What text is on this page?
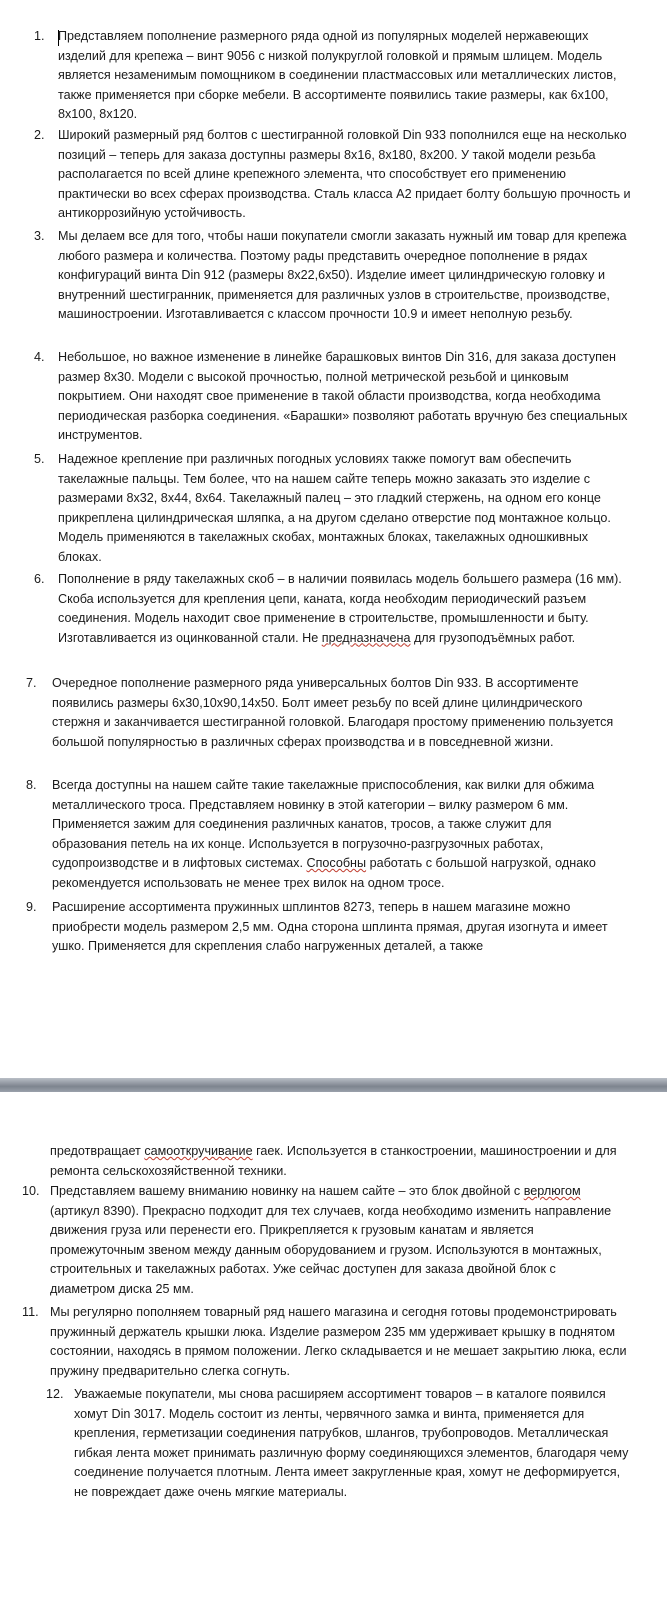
1. Представляем пополнение размерного ряда одной из популярных моделей нержавеющих изделий для крепежа – винт 9056 с низкой полукруглой головкой и прямым шлицем. Модель является незаменимым помощником в соединении пластмассовых или металлических листов, также применяется при сборке мебели. В ассортименте появились такие размеры, как 6x100, 8x100, 8x120.
2. Широкий размерный ряд болтов с шестигранной головкой Din 933 пополнился еще на несколько позиций – теперь для заказа доступны размеры 8x16, 8x180, 8x200. У такой модели резьба располагается по всей длине крепежного элемента, что способствует его применению практически во всех сферах производства. Сталь класса А2 придает болту большую прочность и антикоррозийную устойчивость.
3. Мы делаем все для того, чтобы наши покупатели смогли заказать нужный им товар для крепежа любого размера и количества. Поэтому рады представить очередное пополнение в рядах конфигураций винта Din 912 (размеры 8x22,6x50). Изделие имеет цилиндрическую головку и внутренний шестигранник, применяется для различных узлов в строительстве, производстве, машиностроении. Изготавливается с классом прочности 10.9 и имеет неполную резьбу.
4. Небольшое, но важное изменение в линейке барашковых винтов Din 316, для заказа доступен размер 8x30. Модели с высокой прочностью, полной метрической резьбой и цинковым покрытием. Они находят свое применение в такой области производства, когда необходима периодическая разборка соединения. «Барашки» позволяют работать вручную без специальных инструментов.
5. Надежное крепление при различных погодных условиях также помогут вам обеспечить такелажные пальцы. Тем более, что на нашем сайте теперь можно заказать это изделие с размерами 8x32, 8x44, 8x64. Такелажный палец – это гладкий стержень, на одном его конце прикреплена цилиндрическая шляпка, а на другом сделано отверстие под монтажное кольцо. Модель применяются в такелажных скобах, монтажных блоках, такелажных одношкивных блоках.
6. Пополнение в ряду такелажных скоб – в наличии появилась модель большего размера (16 мм). Скоба используется для крепления цепи, каната, когда необходим периодический разъем соединения. Модель находит свое применение в строительстве, промышленности и быту. Изготавливается из оцинкованной стали. Не предназначена для грузоподъёмных работ.
7. Очередное пополнение размерного ряда универсальных болтов Din 933. В ассортименте появились размеры 6x30,10x90,14x50. Болт имеет резьбу по всей длине цилиндрического стержня и заканчивается шестигранной головкой. Благодаря простому применению пользуется большой популярностью в различных сферах производства и в повседневной жизни.
8. Всегда доступны на нашем сайте такие такелажные приспособления, как вилки для обжима металлического троса. Представляем новинку в этой категории – вилку размером 6 мм. Применяется зажим для соединения различных канатов, тросов, а также служит для образования петель на их конце. Используется в погрузочно-разгрузочных работах, судопроизводстве и в лифтовых системах. Способны работать с большой нагрузкой, однако рекомендуется использовать не менее трех вилок на одном тросе.
9. Расширение ассортимента пружинных шплинтов 8273, теперь в нашем магазине можно приобрести модель размером 2,5 мм. Одна сторона шплинта прямая, другая изогнута и имеет ушко. Применяется для скрепления слабо нагруженных деталей, а также
предотвращает самооткручивание гаек. Используется в станкостроении, машиностроении и для ремонта сельскохозяйственной техники.
10. Представляем вашему вниманию новинку на нашем сайте – это блок двойной с верлюгом (артикул 8390). Прекрасно подходит для тех случаев, когда необходимо изменить направление движения груза или перенести его. Прикрепляется к грузовым канатам и является промежуточным звеном между данным оборудованием и грузом. Используются в монтажных, строительных и такелажных работах. Уже сейчас доступен для заказа двойной блок с диаметром диска 25 мм.
11. Мы регулярно пополняем товарный ряд нашего магазина и сегодня готовы продемонстрировать пружинный держатель крышки люка. Изделие размером 235 мм удерживает крышку в поднятом состоянии, находясь в прямом положении. Легко складывается и не мешает закрытию люка, если пружину предварительно слегка согнуть.
12. Уважаемые покупатели, мы снова расширяем ассортимент товаров – в каталоге появился хомут Din 3017. Модель состоит из ленты, червячного замка и винта, применяется для крепления, герметизации соединения патрубков, шлангов, трубопроводов. Металлическая гибкая лента может принимать различную форму соединяющихся элементов, благодаря чему соединение получается плотным. Лента имеет закругленные края, хомут не деформируется, не повреждает даже очень мягкие материалы.
